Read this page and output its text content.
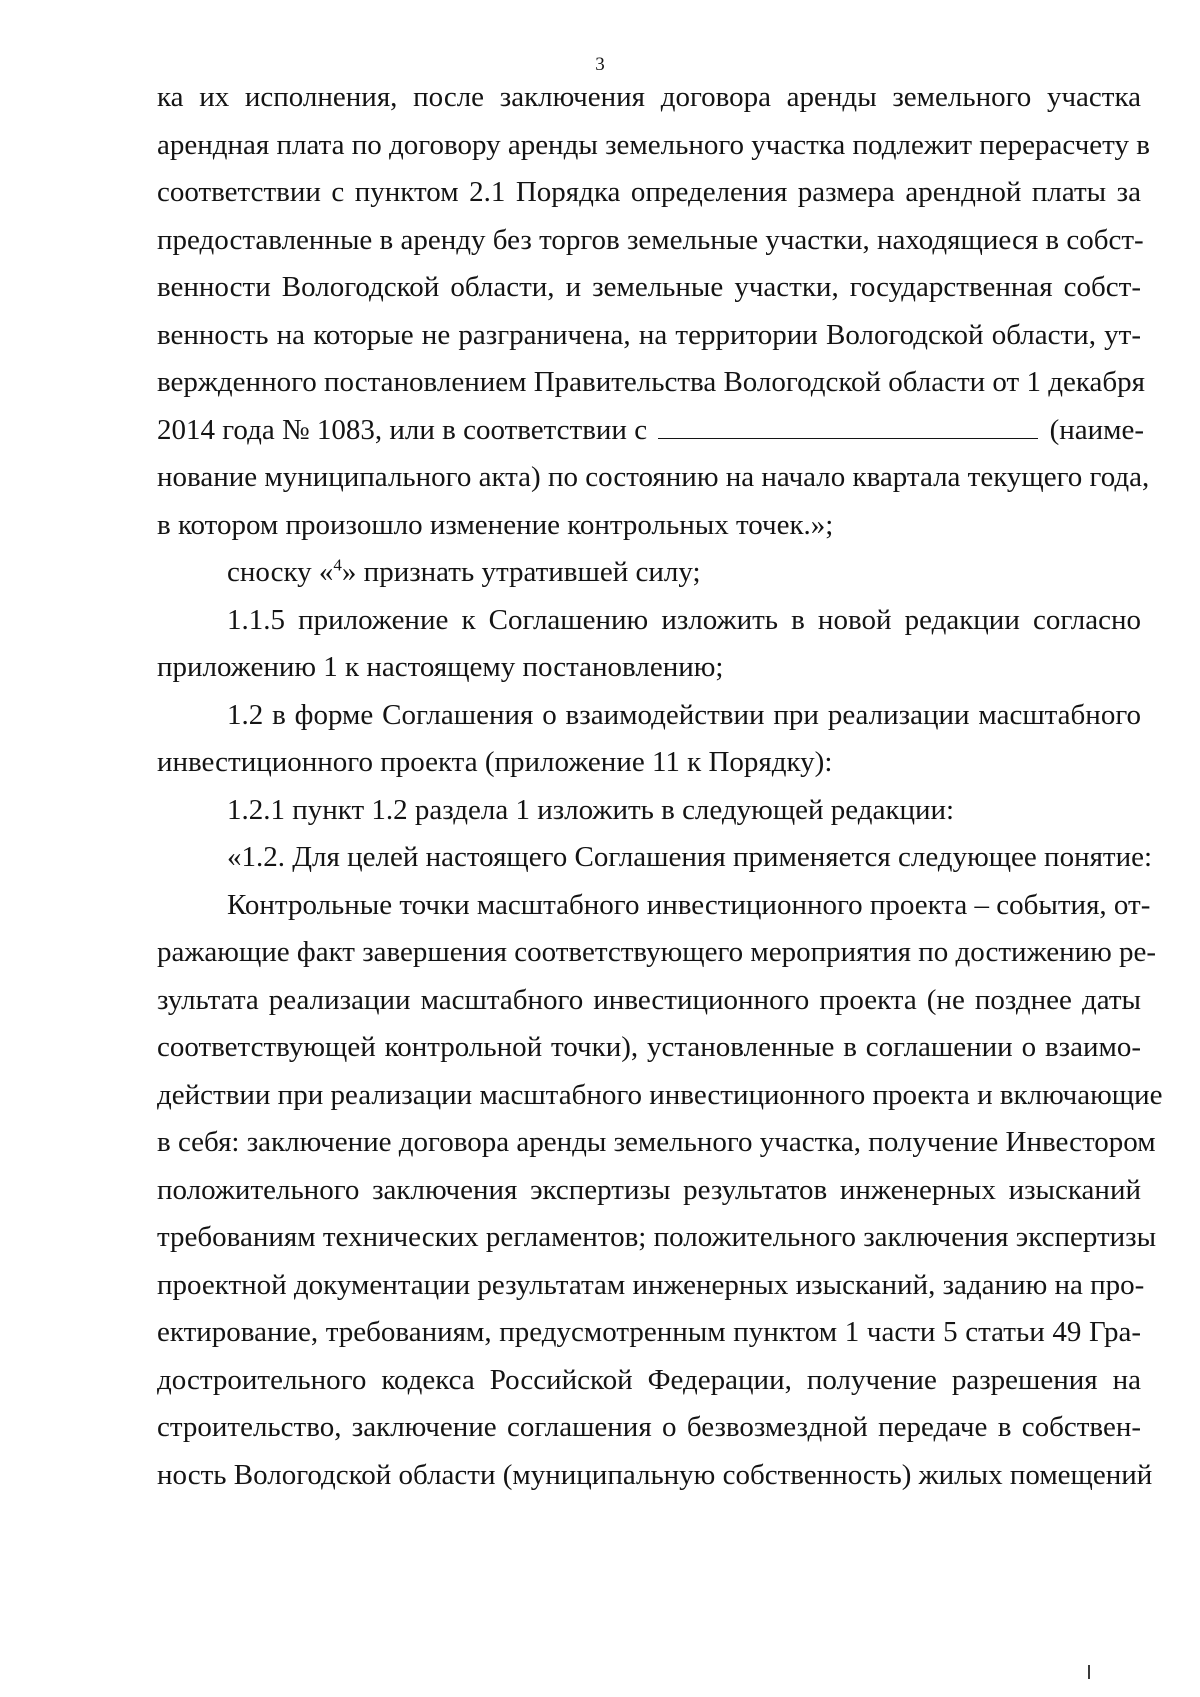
3
ка их исполнения, после заключения договора аренды земельного участка
арендная плата по договору аренды земельного участка подлежит перерасчету в
соответствии с пунктом 2.1 Порядка определения размера арендной платы за
предоставленные в аренду без торгов земельные участки, находящиеся в собст-
венности Вологодской области, и земельные участки, государственная собст-
венность на которые не разграничена, на территории Вологодской области, ут-
вержденного постановлением Правительства Вологодской области от 1 декабря
2014 года № 1083, или в соответствии с	(наиме-
нование муниципального акта) по состоянию на начало квартала текущего года,
в котором произошло изменение контрольных точек.»;
сноску «$^4$» признать утратившей силу;
1.1.5 приложение к Соглашению изложить в новой редакции согласно
приложению 1 к настоящему постановлению;
1.2 в форме Соглашения о взаимодействии при реализации масштабного
инвестиционного проекта (приложение 11 к Порядку):
1.2.1 пункт 1.2 раздела 1 изложить в следующей редакции:
«1.2. Для целей настоящего Соглашения применяется следующее понятие:
Контрольные точки масштабного инвестиционного проекта – события, от-
ражающие факт завершения соответствующего мероприятия по достижению ре-
зультата реализации масштабного инвестиционного проекта (не позднее даты
соответствующей контрольной точки), установленные в соглашении о взаимо-
действии при реализации масштабного инвестиционного проекта и включающие
в себя: заключение договора аренды земельного участка, получение Инвестором
положительного заключения экспертизы результатов инженерных изысканий
требованиям технических регламентов; положительного заключения экспертизы
проектной документации результатам инженерных изысканий, заданию на про-
ектирование, требованиям, предусмотренным пунктом 1 части 5 статьи 49 Гра-
достроительного кодекса Российской Федерации, получение разрешения на
строительство, заключение соглашения о безвозмездной передаче в собствен-
ность Вологодской области (муниципальную собственность) жилых помещений
